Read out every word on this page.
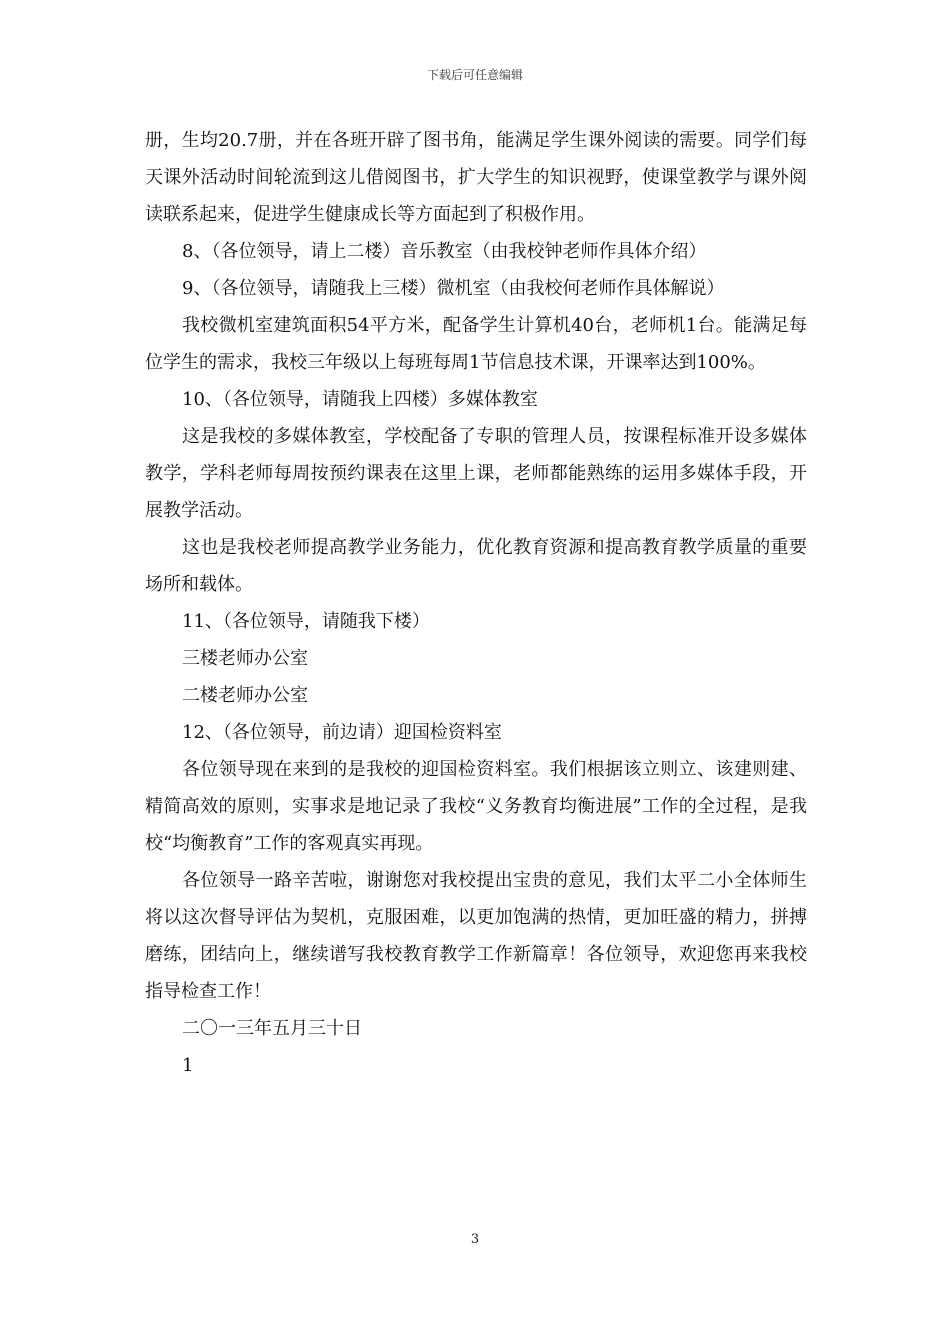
下载后可任意编辑

册，生均20.7册，并在各班开辟了图书角，能满足学生课外阅读的需要。同学们每天课外活动时间轮流到这儿借阅图书，扩大学生的知识视野，使课堂教学与课外阅读联系起来，促进学生健康成长等方面起到了积极作用。

8、（各位领导，请上二楼）音乐教室（由我校钟老师作具体介绍）

9、（各位领导，请随我上三楼）微机室（由我校何老师作具体解说）

我校微机室建筑面积54平方米，配备学生计算机40台，老师机1台。能满足每位学生的需求，我校三年级以上每班每周1节信息技术课，开课率达到100%。

10、（各位领导，请随我上四楼）多媒体教室

这是我校的多媒体教室，学校配备了专职的管理人员，按课程标准开设多媒体教学，学科老师每周按预约课表在这里上课，老师都能熟练的运用多媒体手段，开展教学活动。

这也是我校老师提高教学业务能力，优化教育资源和提高教育教学质量的重要场所和载体。

11、（各位领导，请随我下楼）

三楼老师办公室

二楼老师办公室

12、（各位领导，前边请）迎国检资料室

各位领导现在来到的是我校的迎国检资料室。我们根据该立则立、该建则建、精简高效的原则，实事求是地记录了我校“义务教育均衡进展”工作的全过程，是我校“均衡教育”工作的客观真实再现。

各位领导一路辛苦啦，谢谢您对我校提出宝贵的意见，我们太平二小全体师生将以这次督导评估为契机，克服困难，以更加饱满的热情，更加旺盛的精力，拼搏磨练，团结向上，继续谱写我校教育教学工作新篇章！各位领导，欢迎您再来我校指导检查工作！

二〇一三年五月三十日

1

3
